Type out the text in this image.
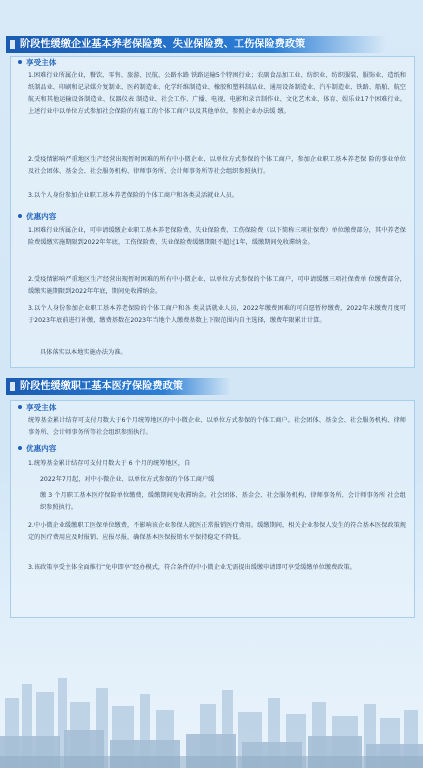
阶段性缓缴企业基本养老保险费、失业保险费、工伤保险费政策
享受主体
1.困难行业所属企业，餐饮、零售、旅游、民航、公路水路 铁路运输5个特困行业；农副食品加工业、纺织业、纺织服装、服饰业、造纸和纸制品业、印刷和记录媒介复制业、医药制造业、化学纤维制造业、橡胶和塑料制品业、通用设备制造业、汽车制造业、铁路、船舶、航空航天和其他运输设备制造业、仪器仪表 制造业、社会工作、广播、电视、电影和录音制作业、文化艺术业、体育、娱乐业17个困难行业。上述行业中以单位方式参加社会保险的有雇工的个体工商户以及其他单位，参照企业办法缓 缴。
2.受疫情影响严重地区生产经营出现暂时困难的所有中小微企业、以单位方式参保的个体工商户，参加企业职工基本养老保 险的事业单位及社会团体、基金会、社会服务机构、律师事务所、会计师事务所等社会组织参照执行。
3.以个人身份参加企业职工基本养老保险的个体工商户和各类灵活就业人员。
优惠内容
1.困难行业所属企业，可申请缓缴企业职工基本养老保险费、失业保险费、工伤保险费（以下简称三项社保费）单位缴费部分，其中养老保险费缓缴实施期限到2022年年底，工伤保险费、失业保险费缓缴期限不超过1年，缓缴期间免收滞纳金。
2.受疫情影响严重地区生产经营出现暂时困难的所有中小微企业、以单位方式参保的个体工商户，可申请缓缴三项社保费单 位缴费部分，缓缴实施期限到2022年年底，期间免收滞纳金。
3.以个人身份参加企业职工基本养老保险的个体工商户和各 类灵活就业人员，2022年缴费困难的可自愿暂停缴费，2022年未缴费月度可于2023年底前进行补缴，缴费基数在2023年当地个人缴费基数上下限范围内自主选择，缴费年限累计计算。
具体落实以本地实施办法为准。
阶段性缓缴职工基本医疗保险费政策
享受主体
统筹基金累计结存可支付月数大于6个月统筹地区的中小微企业、以单位方式参保的个体工商户。社会团体、基金会、社会服务机构、律师事务所、会计师事务所等社会组织参照执行。
优惠内容
1.统筹基金累计结存可支付月数大于 6 个月的统筹地区，自
2022年7月起，对中小微企业、以单位方式参保的个体工商户缓
缴 3 个月职工基本医疗保险单位缴费，缓缴期间免收滞纳金。社会团体、基金会、社会服务机构、律师事务所、会计师事务所 社会组织参照执行。
2.中小微企业缓缴职工医保单位缴费，不影响该企业参保人就医正常报销医疗费用。缓缴期间，相关企业参保人发生的符合基本医保政策规定的医疗费用应及时报销、应报尽报，确保基本医保报销水平保持稳定不降低。
3.该政策享受主体全面推行“免申即享”经办模式，符合条件的中小微企业无需提出缓缴申请即可享受缓缴单位缴费政策。
